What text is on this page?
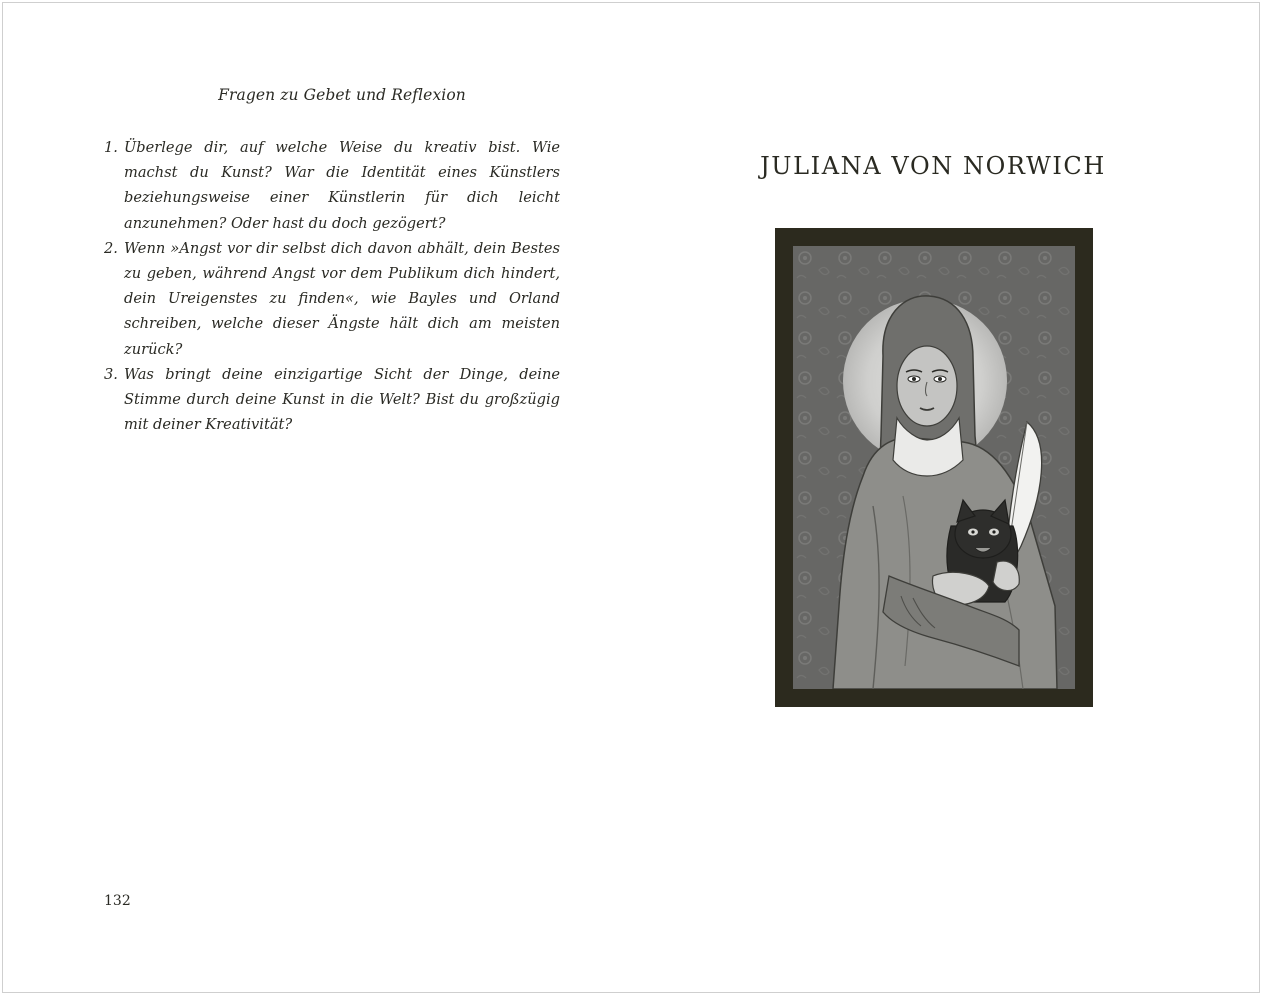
Fragen zu Gebet und Reflexion
1. Überlege dir, auf welche Weise du kreativ bist. Wie machst du Kunst? War die Identität eines Künstlers beziehungsweise einer Künstlerin für dich leicht anzunehmen? Oder hast du doch gezögert?
2. Wenn »Angst vor dir selbst dich davon abhält, dein Bestes zu geben, während Angst vor dem Publikum dich hindert, dein Ureigenstes zu finden«, wie Bayles und Orland schreiben, welche dieser Ängste hält dich am meisten zurück?
3. Was bringt deine einzigartige Sicht der Dinge, deine Stimme durch deine Kunst in die Welt? Bist du großzügig mit deiner Kreativität?

132

JULIANA VON NORWICH
